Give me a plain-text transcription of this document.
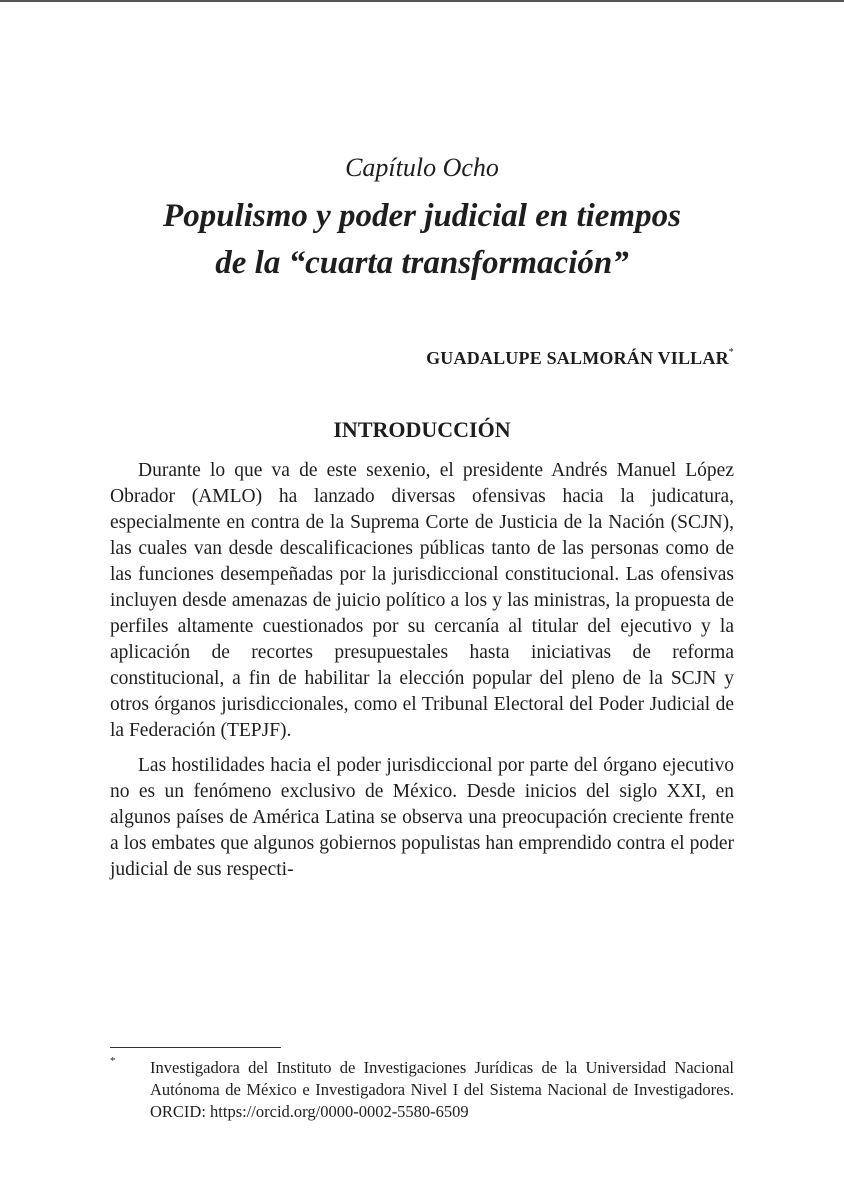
Capítulo Ocho
Populismo y poder judicial en tiempos
de la “cuarta transformación”
GUADALUPE SALMORÁN VILLAR*
INTRODUCCIÓN

Durante lo que va de este sexenio, el presidente Andrés Manuel López Obrador (AMLO) ha lanzado diversas ofensivas hacia la judicatura, especialmente en contra de la Suprema Corte de Justicia de la Nación (SCJN), las cuales van desde descalificaciones públicas tanto de las personas como de las funciones desempeñadas por la jurisdiccional constitucional. Las ofensivas incluyen desde amenazas de juicio político a los y las ministras, la propuesta de perfiles altamente cuestionados por su cercanía al titular del ejecutivo y la aplicación de recortes presupuestales hasta iniciativas de reforma constitucional, a fin de habilitar la elección popular del pleno de la SCJN y otros órganos jurisdiccionales, como el Tribunal Electoral del Poder Judicial de la Federación (TEPJF).

Las hostilidades hacia el poder jurisdiccional por parte del órgano ejecutivo no es un fenómeno exclusivo de México. Desde inicios del siglo XXI, en algunos países de América Latina se observa una preocupación creciente frente a los embates que algunos gobiernos populistas han emprendido contra el poder judicial de sus respecti-

* Investigadora del Instituto de Investigaciones Jurídicas de la Universidad Nacional Autónoma de México e Investigadora Nivel I del Sistema Nacional de Investigadores. ORCID: https://orcid.org/0000-0002-5580-6509
